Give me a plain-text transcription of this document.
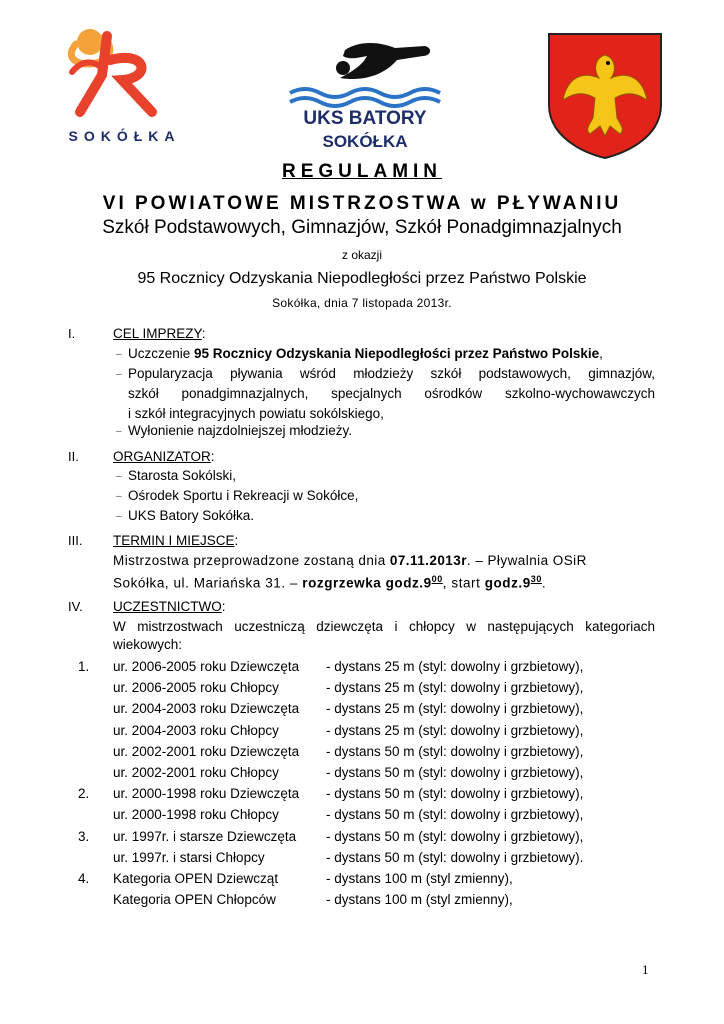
SOKÓŁKA
UKS BATORY
SOKÓŁKA
REGULAMIN
VI POWIATOWE MISTRZOSTWA w PŁYWANIU
Szkół Podstawowych, Gimnazjów, Szkół Ponadgimnazjalnych
z okazji
95 Rocznicy Odzyskania Niepodległości przez Państwo Polskie
Sokółka, dnia 7 listopada 2013r.
I.	CEL IMPREZY:
– Uczczenie 95 Rocznicy Odzyskania Niepodległości przez Państwo Polskie,
– Popularyzacja pływania wśród młodzieży szkół podstawowych, gimnazjów,
szkół ponadgimnazjalnych, specjalnych ośrodków szkolno-wychowawczych
i szkół integracyjnych powiatu sokólskiego,
– Wyłonienie najzdolniejszej młodzieży.
II.	ORGANIZATOR:
– Starosta Sokólski,
– Ośrodek Sportu i Rekreacji w Sokółce,
– UKS Batory Sokółka.
III. TERMIN I MIEJSCE:
Mistrzostwa przeprowadzone zostaną dnia 07.11.2013r. – Pływalnia OSiR
Sokółka, ul. Mariańska 31. – rozgrzewka $godz.9^{00}$, start $godz.9^{30}$.
IV. UCZESTNICTWO:
W mistrzostwach uczestniczą dziewczęta i chłopcy w następujących kategoriach
wiekowych:
1. ur. 2006-2005 roku Dziewczęta - dystans 25 m (styl: dowolny i grzbietowy),
ur. 2006-2005 roku Chłopcy	- dystans 25 m (styl: dowolny i grzbietowy),
ur. 2004-2003 roku Dziewczęta - dystans 25 m (styl: dowolny i grzbietowy),
ur. 2004-2003 roku Chłopcy	- dystans 25 m (styl: dowolny i grzbietowy),
ur. 2002-2001 roku Dziewczęta - dystans 50 m (styl: dowolny i grzbietowy),
ur. 2002-2001 roku Chłopcy	- dystans 50 m (styl: dowolny i grzbietowy),
2. ur. 2000-1998 roku Dziewczęta - dystans 50 m (styl: dowolny i grzbietowy),
ur. 2000-1998 roku Chłopcy	- dystans 50 m (styl: dowolny i grzbietowy),
3. ur. 1997r. i starsze Dziewczęta - dystans 50 m (styl: dowolny i grzbietowy),
ur. 1997r. i starsi Chłopcy	- dystans 50 m (styl: dowolny i grzbietowy).
4. Kategoria OPEN Dziewcząt	- dystans 100 m (styl zmienny),
Kategoria OPEN Chłopców	- dystans 100 m (styl zmienny),
1
